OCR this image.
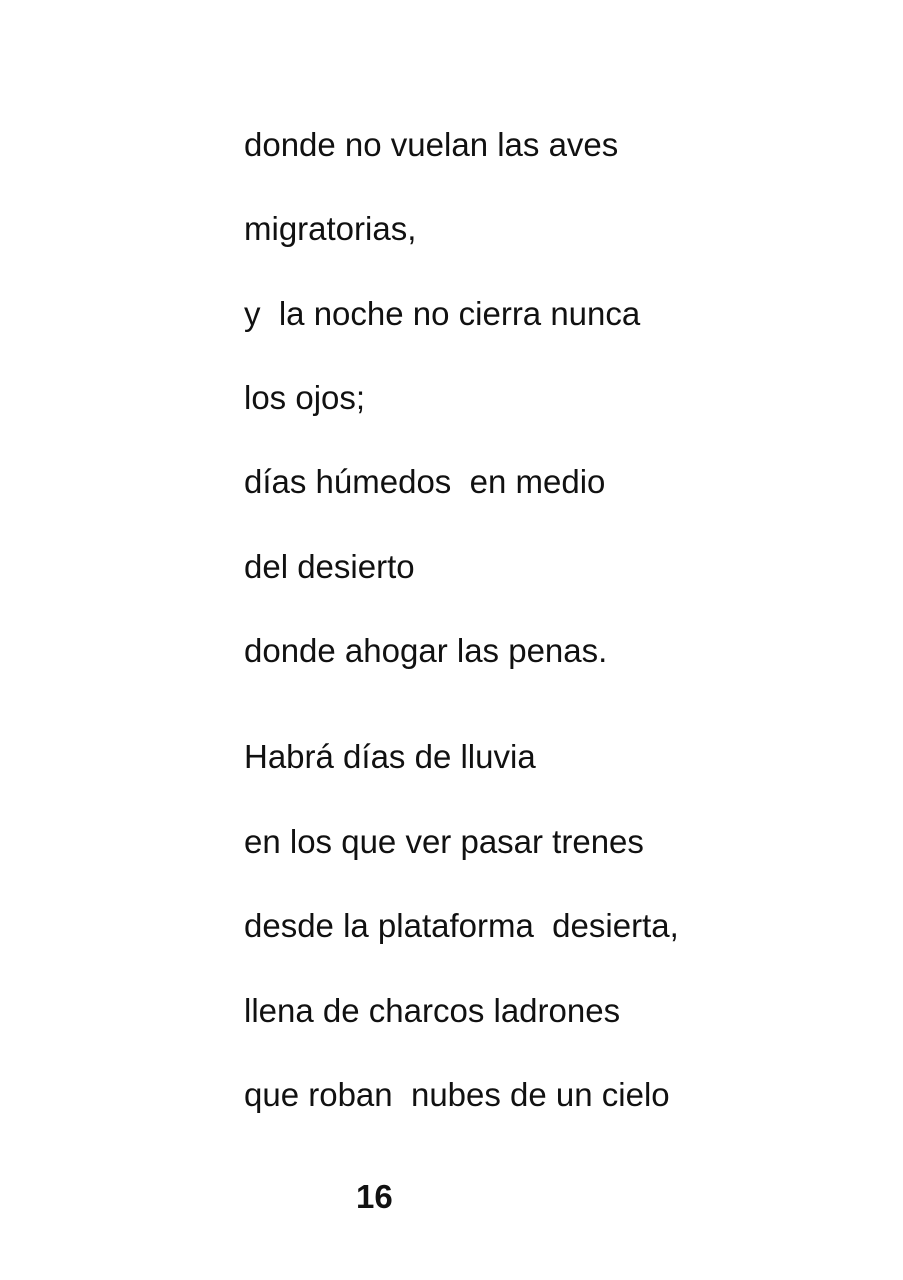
donde no vuelan las aves
migratorias,
y  la noche no cierra nunca
los ojos;
días húmedos  en medio
del desierto
donde ahogar las penas.
Habrá días de lluvia
en los que ver pasar trenes
desde la plataforma  desierta,
llena de charcos ladrones
que roban  nubes de un cielo
16
